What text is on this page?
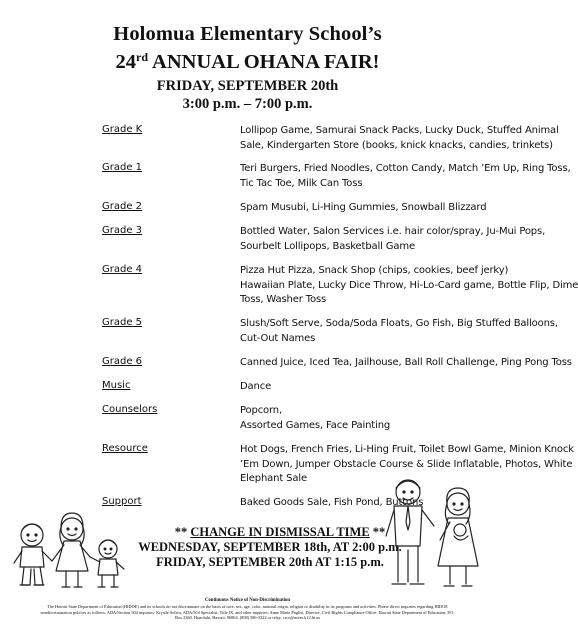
Holomua Elementary School’s
24rd ANNUAL OHANA FAIR!
FRIDAY, SEPTEMBER 20th
3:00 p.m. – 7:00 p.m.
Grade K	Lollipop Game, Samurai Snack Packs, Lucky Duck, Stuffed Animal
Sale, Kindergarten Store (books, knick knacks, candies, trinkets)
Grade 1	Teri Burgers, Fried Noodles, Cotton Candy, Match ’Em Up, Ring Toss,
Tic Tac Toe, Milk Can Toss
Grade 2	Spam Musubi, Li-Hing Gummies, Snowball Blizzard
Grade 3	Bottled Water, Salon Services i.e. hair color/spray, Ju-Mui Pops,
Sourbelt Lollipops, Basketball Game
Grade 4	Pizza Hut Pizza, Snack Shop (chips, cookies, beef jerky)
Hawaiian Plate, Lucky Dice Throw, Hi-Lo-Card game, Bottle Flip, Dime
Toss, Washer Toss
Grade 5	Slush/Soft Serve, Soda/Soda Floats, Go Fish, Big Stuffed Balloons,
Cut-Out Names
Grade 6	Canned Juice, Iced Tea, Jailhouse, Ball Roll Challenge, Ping Pong Toss
Music	Dance
Counselors	Popcorn,
Assorted Games, Face Painting
Resource	Hot Dogs, French Fries, Li-Hing Fruit, Toilet Bowl Game, Minion Knock
’Em Down, Jumper Obstacle Course & Slide Inflatable, Photos, White
Elephant Sale
Support	Baked Goods Sale, Fish Pond, Buttons
** CHANGE IN DISMISSAL TIME **
WEDNESDAY, SEPTEMBER 18th, AT 2:00 p.m.
FRIDAY, SEPTEMBER 20th AT 1:15 p.m.
Continuous Notice of Non-Discrimination
The Hawaii State Department of Education (HIDOE) and its schools do not discriminate on the basis of race, sex, age, color, national origin, religion or disability in its programs and activities. Please direct inquiries regarding HIDOE nondiscrimination policies as follows: ADA/Section 504 inquiries: Krystle Soliva, ADA/504 Specialist; Title IX, and other inquiries: Anne Marie Puglisi, Director, Civil Rights Compliance Office, Hawaii State Department of Education, P.O. Box 2360, Honolulu, Hawaii, 96804, (808) 586-3322 or relay, crco@notes.k12.hi.us
